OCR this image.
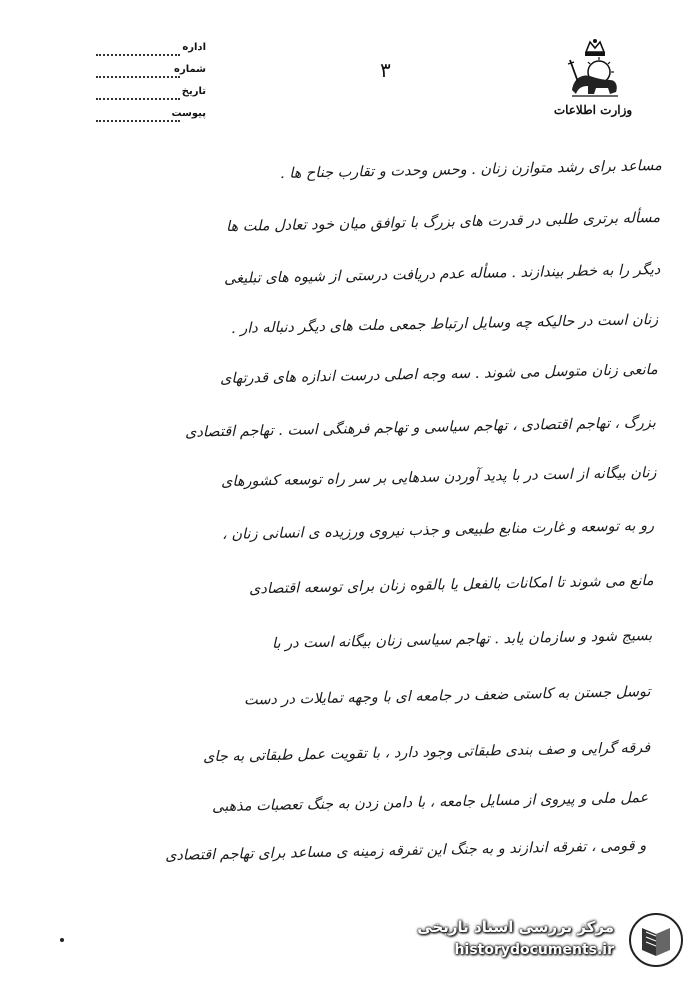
اداره
شماره
تاریخ
پیوست
۳
وزارت اطلاعات
مساعد برای رشد متوازن زنان . وحس وحدت و تقارب جناح ها .
مسأله برتری طلبی در قدرت های بزرگ با توافق میان خود تعادل ملت ها
دیگر را به خطر بیندازند . مسأله عدم دریافت درستی از شیوه های تبلیغی
زنان است در حالیکه چه وسایل ارتباط جمعی ملت های دیگر دنباله دار .
مانعی زنان متوسل می شوند . سه وجه اصلی درست اندازه های قدرتهای
بزرگ ، تهاجم اقتصادی ، تهاجم سیاسی و تهاجم فرهنگی است . تهاجم اقتصادی
زنان بیگانه از است در با پدید آوردن سدهایی بر سر راه توسعه کشورهای
رو به توسعه و غارت منابع طبیعی و جذب نیروی ورزیده ی انسانی زنان ،
مانع می شوند تا امکانات بالفعل یا بالقوه زنان برای توسعه اقتصادی
بسیج شود و سازمان یابد . تهاجم سیاسی زنان بیگانه است در با
توسل جستن به کاستی ضعف در جامعه ای با وجهه تمایلات در دست
فرقه گرایی و صف بندی طبقاتی وجود دارد ، با تقویت عمل طبقاتی به جای
عمل ملی و پیروی از مسایل جامعه ، با دامن زدن به جنگ تعصبات مذهبی
و قومی ، تفرقه اندازند و به جنگ این تفرقه زمینه ی مساعد برای تهاجم اقتصادی
مرکز بررسی اسناد تاریخی
historydocuments.ir
